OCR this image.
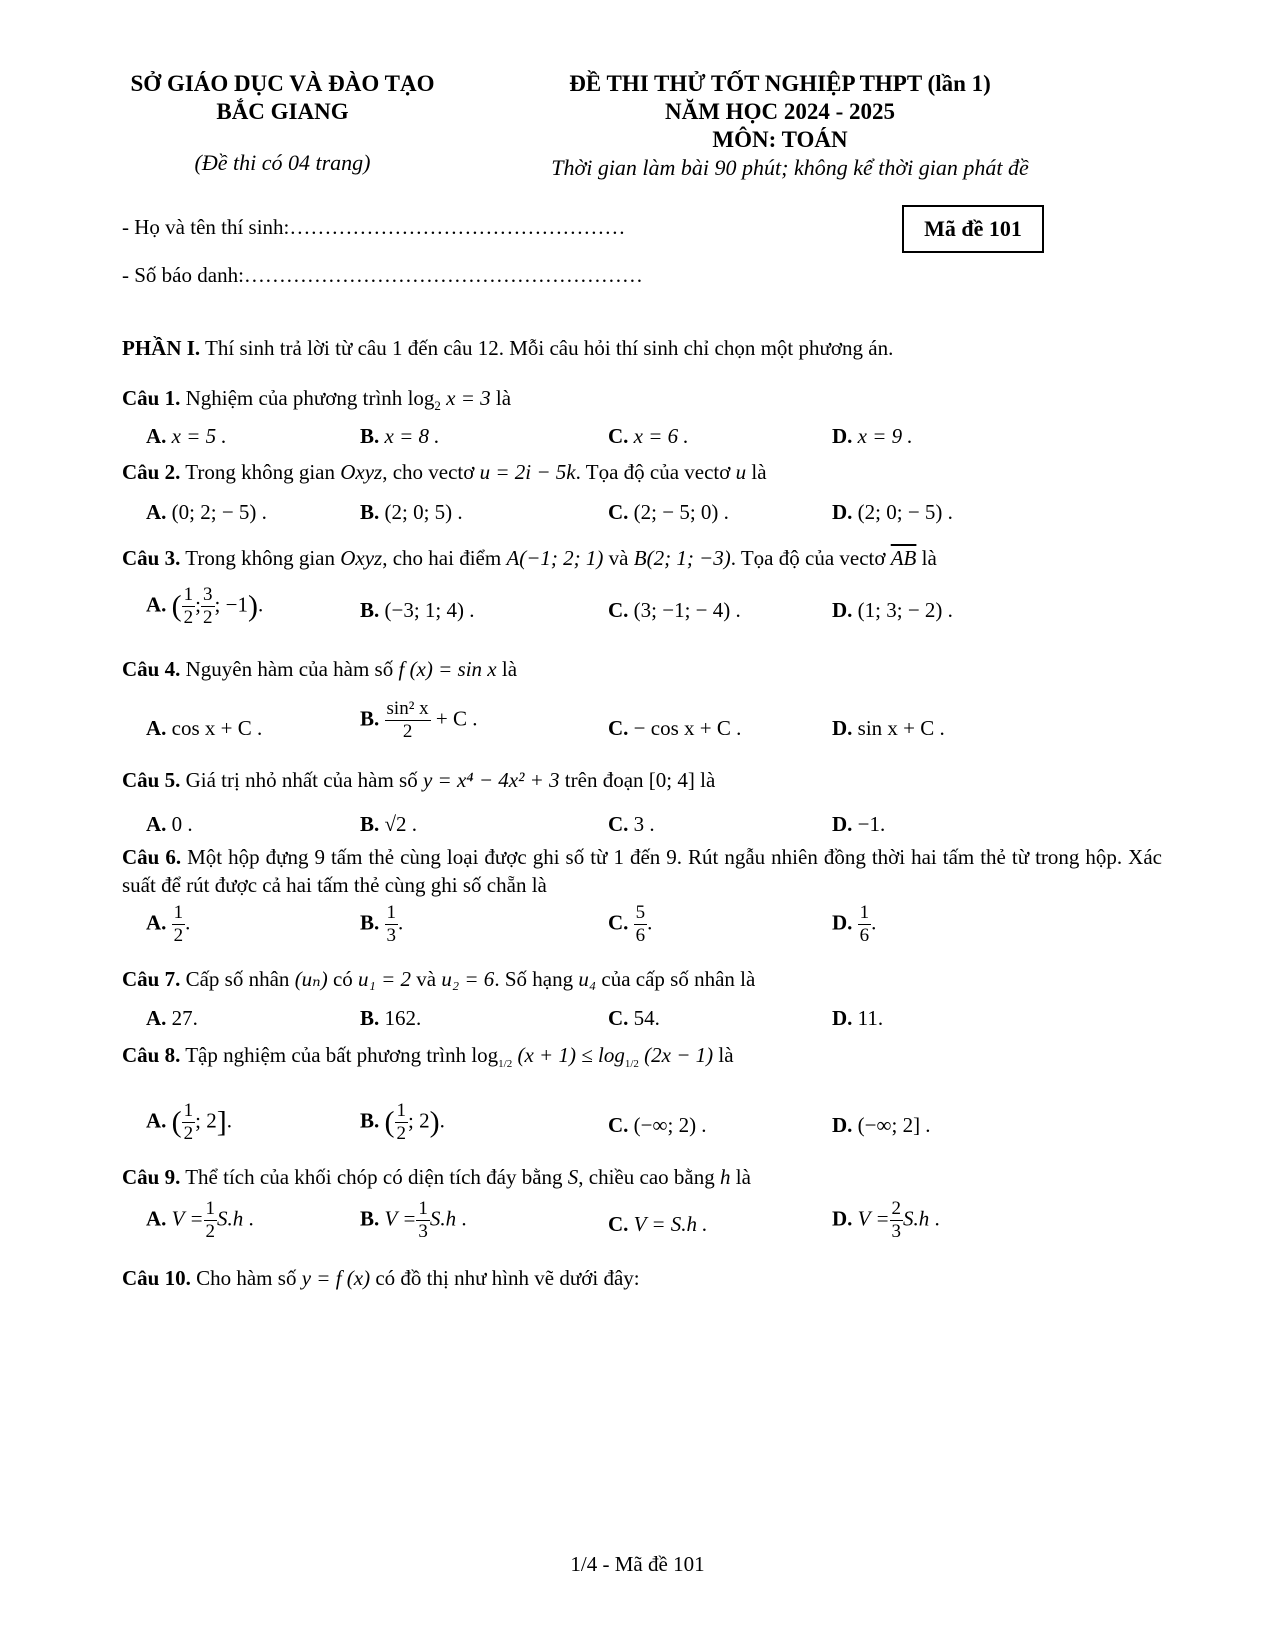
SỞ GIÁO DỤC VÀ ĐÀO TẠO
BẮC GIANG
(Đề thi có 04 trang)
ĐỀ THI THỬ TỐT NGHIỆP THPT (lần 1)
NĂM HỌC 2024 - 2025
MÔN: TOÁN
Thời gian làm bài 90 phút; không kể thời gian phát đề
- Họ và tên thí sinh:…………………………………………
- Số báo danh:…………………………………………………
Mã đề 101
PHẦN I. Thí sinh trả lời từ câu 1 đến câu 12. Mỗi câu hỏi thí sinh chỉ chọn một phương án.
Câu 1. Nghiệm của phương trình $\log_2 x = 3$ là
A. x = 5 .	B. x = 8 .	C. x = 6 .	D. x = 9 .
Câu 2. Trong không gian Oxyz, cho vectơ u = 2i − 5k. Tọa độ của vectơ u là
A. (0; 2; − 5) .	B. (2; 0; 5) .	C. (2; − 5; 0) .	D. (2; 0; − 5) .
Câu 3. Trong không gian Oxyz, cho hai điểm A(−1; 2; 1) và B(2; 1; −3). Tọa độ của vectơ $\overline{AB}$ là
A. ( $\frac{1}{2}$ ; $\frac{3}{2}$ ; −1).	B. (−3; 1; 4) .	C. (3; −1; − 4) .	D. (1; 3; − 2) .
Câu 4. Nguyên hàm của hàm số f (x) = sin x là
A. cos x + C .	B. $\frac{\text{sin² x}}{2} + C$ .	C. − cos x + C .	D. sin x + C .
Câu 5. Giá trị nhỏ nhất của hàm số y = x⁴ − 4x² + 3 trên đoạn [0; 4] là
A. 0 .	B. √2 .	C. 3 .	D. −1.
Câu 6. Một hộp đựng 9 tấm thẻ cùng loại được ghi số từ 1 đến 9. Rút ngẫu nhiên đồng thời hai tấm thẻ từ trong hộp. Xác suất để rút được cả hai tấm thẻ cùng ghi số chẵn là
A. $\frac{1}{2}$ .	B. $\frac{1}{3}$ .	C. $\frac{5}{6}$ .	D. $\frac{1}{6}$ .
Câu 7. Cấp số nhân (uₙ) có u₁ = 2 và u₂ = 6. Số hạng u₄ của cấp số nhân là
A. 27.	B. 162.	C. 54.	D. 11.
Câu 8. Tập nghiệm của bất phương trình $\log_{1/2} (x + 1) \le \log_{1/2} (2x - 1)$ là
A. ( $\frac{1}{2}$ ; 2].	B. ( $\frac{1}{2}$ ; 2).	C. (−∞; 2) .	D. (−∞; 2] .
Câu 9. Thể tích của khối chóp có diện tích đáy bằng S, chiều cao bằng h là
A. $V = \frac{1}{2} S.h$ .	B. $V = \frac{1}{3} S.h$ .	C. V = S.h .	D. $V = \frac{2}{3} S.h$ .
Câu 10. Cho hàm số y = f (x) có đồ thị như hình vẽ dưới đây:
1/4 - Mã đề 101
